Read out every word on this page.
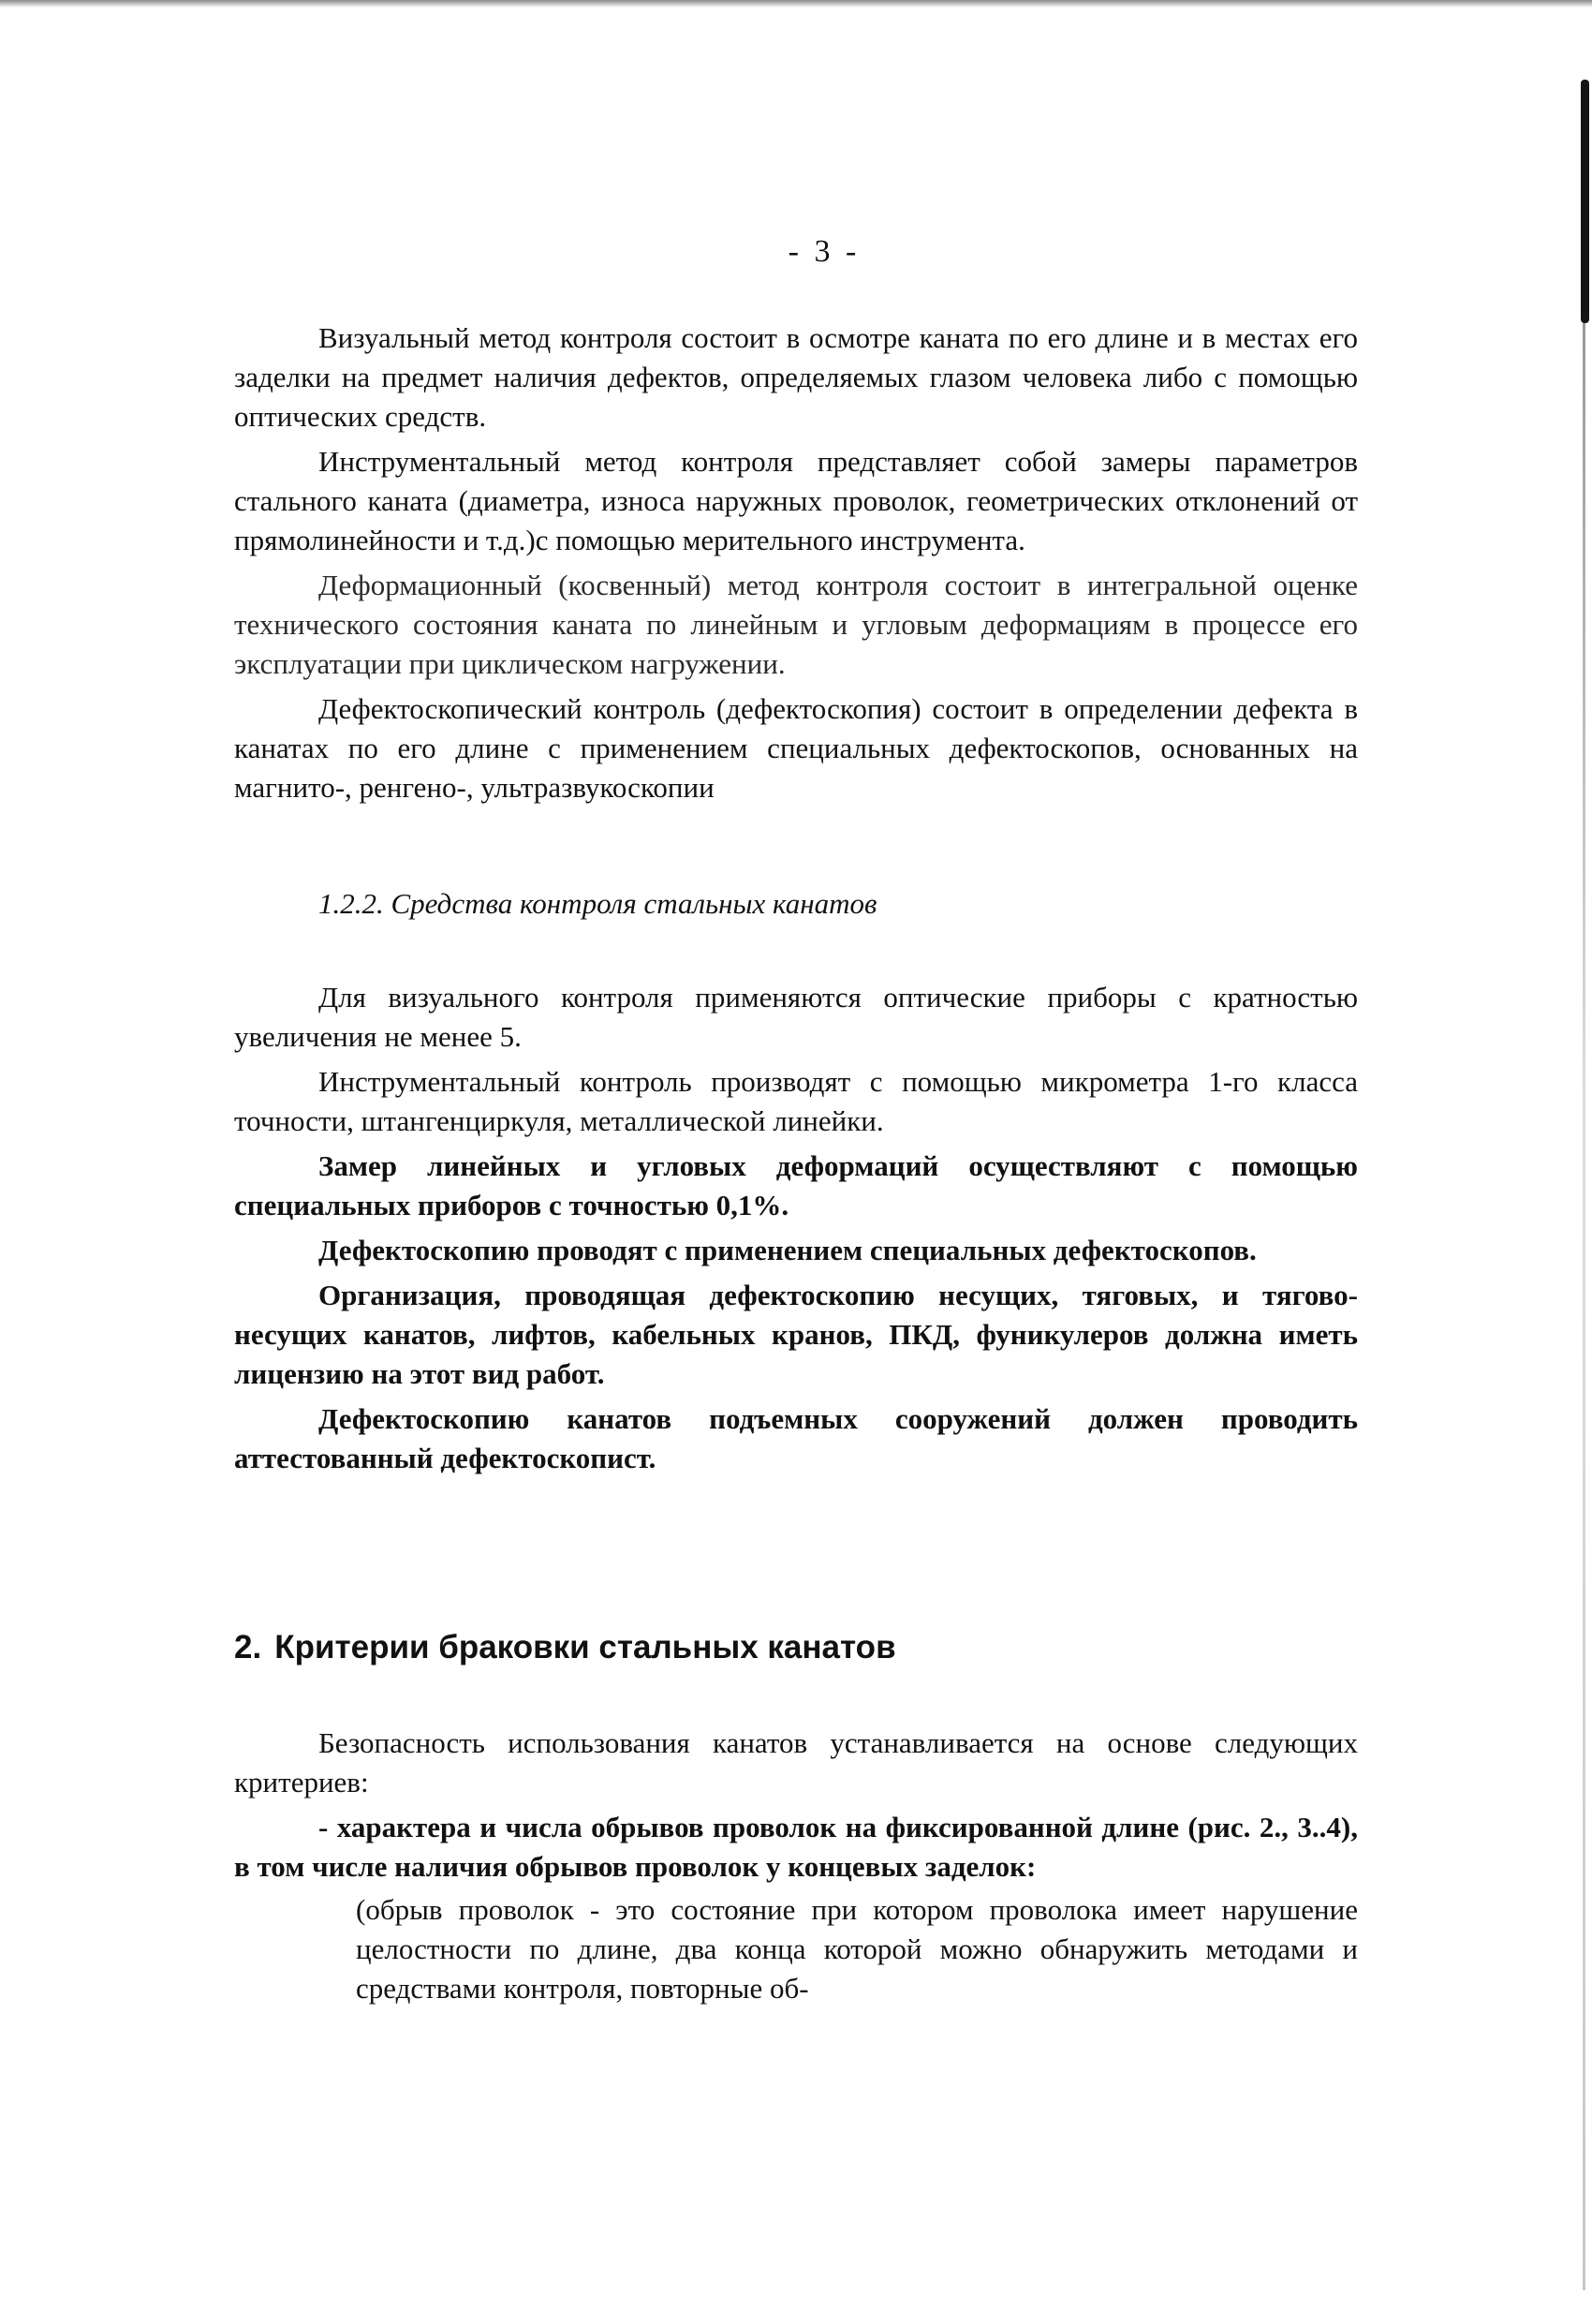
- 3 -

Визуальный метод контроля состоит в осмотре каната по его длине и в местах его заделки на предмет наличия дефектов, определяемых глазом человека либо с помощью оптических средств.

Инструментальный метод контроля представляет собой замеры параметров стального каната (диаметра, износа наружных проволок, геометрических отклонений от прямолинейности и т.д.)с помощью мерительного инструмента.

Деформационный (косвенный) метод контроля состоит в интегральной оценке технического состояния каната по линейным и угловым деформациям в процессе его эксплуатации при циклическом нагружении.

Дефектоскопический контроль (дефектоскопия) состоит в определении дефекта в канатах по его длине с применением специальных дефектоскопов, основанных на магнито-, ренгено-, ультразвукоскопии

1.2.2. Средства контроля стальных канатов

Для визуального контроля применяются оптические приборы с кратностью увеличения не менее 5.

Инструментальный контроль производят с помощью микрометра 1-го класса точности, штангенциркуля, металлической линейки.

Замер линейных и угловых деформаций осуществляют с помощью специальных приборов с точностью 0,1%.

Дефектоскопию проводят с применением специальных дефектоскопов.

Организация, проводящая дефектоскопию несущих, тяговых, и тягово-несущих канатов, лифтов, кабельных кранов, ПКД, фуникулеров должна иметь лицензию на этот вид работ.

Дефектоскопию канатов подъемных сооружений должен проводить аттестованный дефектоскопист.

2. Критерии браковки стальных канатов

Безопасность использования канатов устанавливается на основе следующих критериев:

- характера и числа обрывов проволок на фиксированной длине (рис. 2., 3..4), в том числе наличия обрывов проволок у концевых заделок:

(обрыв проволок - это состояние при котором проволока имеет нарушение целостности по длине, два конца которой можно обнаружить методами и средствами контроля, повторные об-
